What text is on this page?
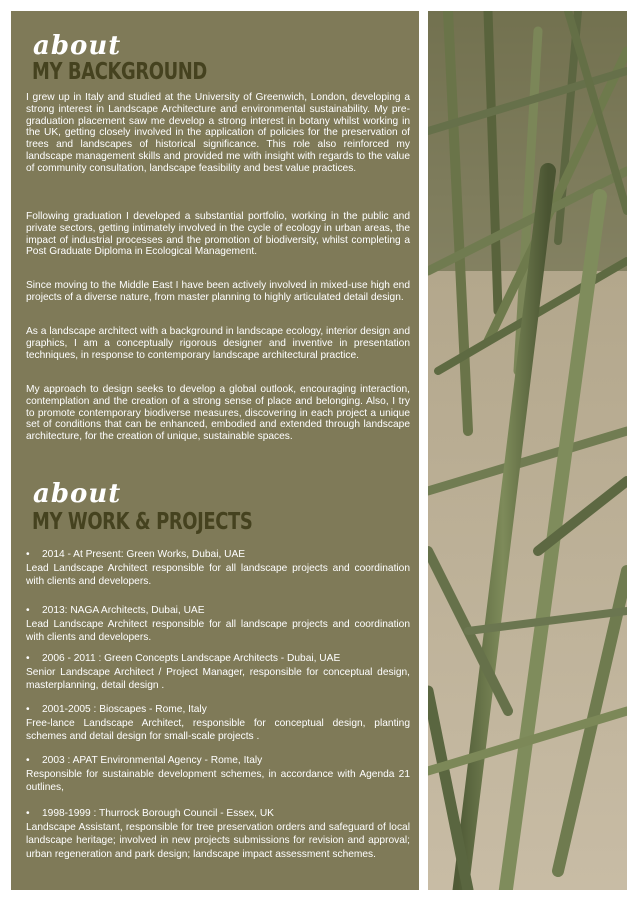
about
MY BACKGROUND

I grew up in Italy and studied at the University of Greenwich, London, developing a strong interest in Landscape Architecture and environmental sustainability. My pre-graduation placement saw me develop a strong interest in botany whilst working in the UK, getting closely involved in the application of policies for the preservation of trees and landscapes of historical significance. This role also reinforced my landscape management skills and provided me with insight with regards to the value of community consultation, landscape feasibility and best value practices.

Following graduation I developed a substantial portfolio, working in the public and private sectors, getting intimately involved in the cycle of ecology in urban areas, the impact of industrial processes and the promotion of biodiversity, whilst completing a Post Graduate Diploma in Ecological Management.

Since moving to the Middle East I have been actively involved in mixed-use high end projects of a diverse nature, from master planning to highly articulated detail design.

As a landscape architect with a background in landscape ecology, interior design and graphics, I am a conceptually rigorous designer and inventive in presentation techniques, in response to contemporary landscape architectural practice.

My approach to design seeks to develop a global outlook, encouraging interaction, contemplation and the creation of a strong sense of place and belonging. Also, I try to promote contemporary biodiverse measures, discovering in each project a unique set of conditions that can be enhanced, embodied and extended through landscape architecture, for the creation of unique, sustainable spaces.

about
MY WORK & PROJECTS
• 2014 - At Present: Green Works, Dubai, UAE
Lead Landscape Architect responsible for all landscape projects and coordination with clients and developers.
• 2013: NAGA Architects, Dubai, UAE
Lead Landscape Architect responsible for all landscape projects and coordination with clients and developers.
• 2006 - 2011 : Green Concepts Landscape Architects - Dubai, UAE
Senior Landscape Architect / Project Manager, responsible for conceptual design, masterplanning, detail design .
• 2001-2005 : Bioscapes - Rome, Italy
Free-lance Landscape Architect, responsible for conceptual design, planting schemes and detail design for small-scale projects .
• 2003 : APAT Environmental Agency - Rome, Italy
Responsible for sustainable development schemes, in accordance with Agenda 21 outlines,
• 1998-1999 : Thurrock Borough Council - Essex, UK
Landscape Assistant, responsible for tree preservation orders and safeguard of local landscape heritage; involved in new projects submissions for revision and approval; urban regeneration and park design; landscape impact assessment schemes.
